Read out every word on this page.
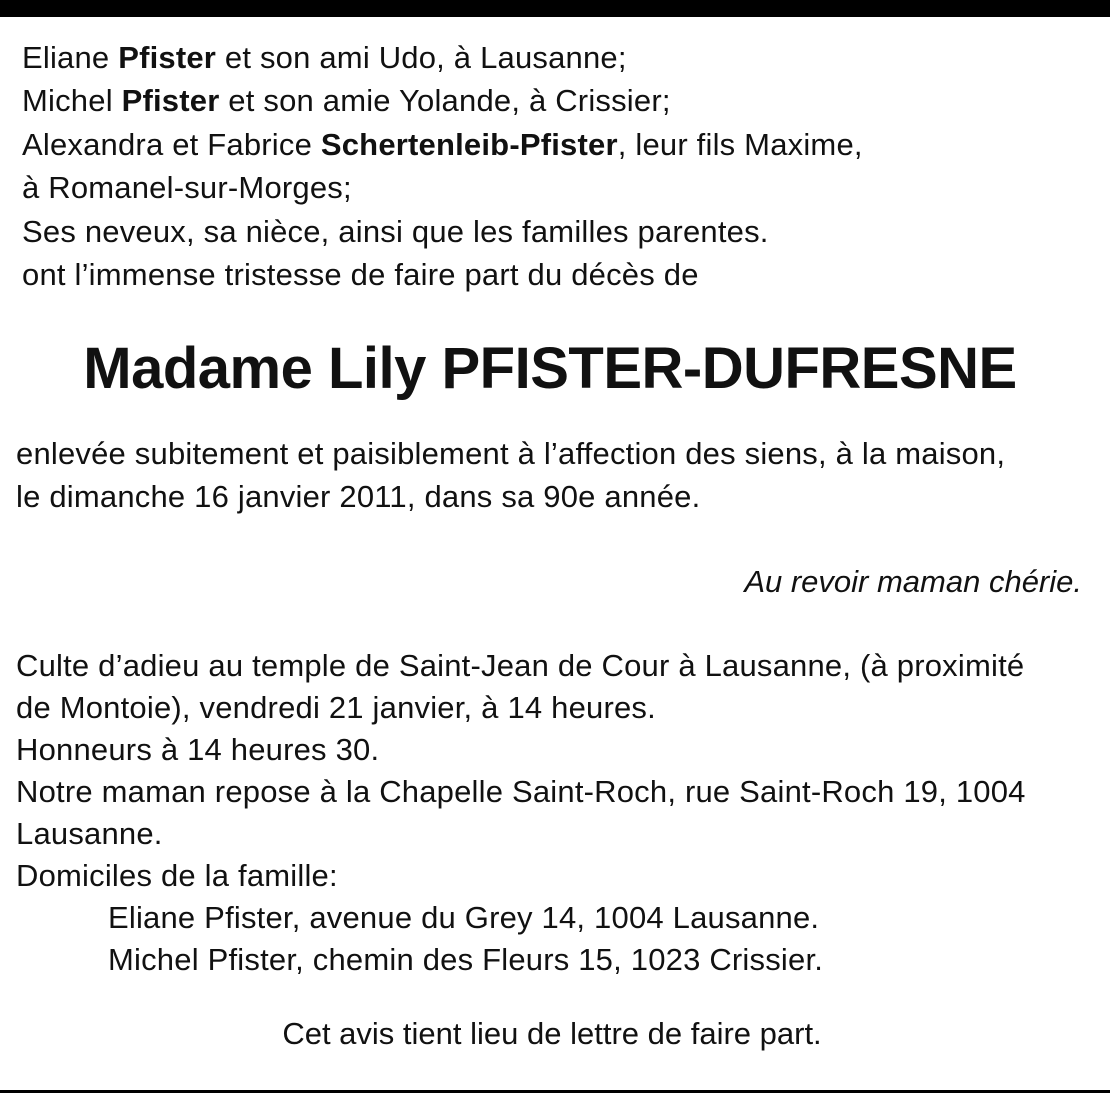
Eliane Pfister et son ami Udo, à Lausanne;
Michel Pfister et son amie Yolande, à Crissier;
Alexandra et Fabrice Schertenleib-Pfister, leur fils Maxime,
à Romanel-sur-Morges;
Ses neveux, sa nièce, ainsi que les familles parentes.
ont l’immense tristesse de faire part du décès de
Madame Lily PFISTER-DUFRESNE
enlevée subitement et paisiblement à l’affection des siens, à la maison,
le dimanche 16 janvier 2011, dans sa 90e année.
Au revoir maman chérie.
Culte d’adieu au temple de Saint-Jean de Cour à Lausanne, (à proximité
de Montoie), vendredi 21 janvier, à 14 heures.
Honneurs à 14 heures 30.
Notre maman repose à la Chapelle Saint-Roch, rue Saint-Roch 19, 1004
Lausanne.
Domiciles de la famille:
Eliane Pfister, avenue du Grey 14, 1004 Lausanne.
Michel Pfister, chemin des Fleurs 15, 1023 Crissier.
Cet avis tient lieu de lettre de faire part.
